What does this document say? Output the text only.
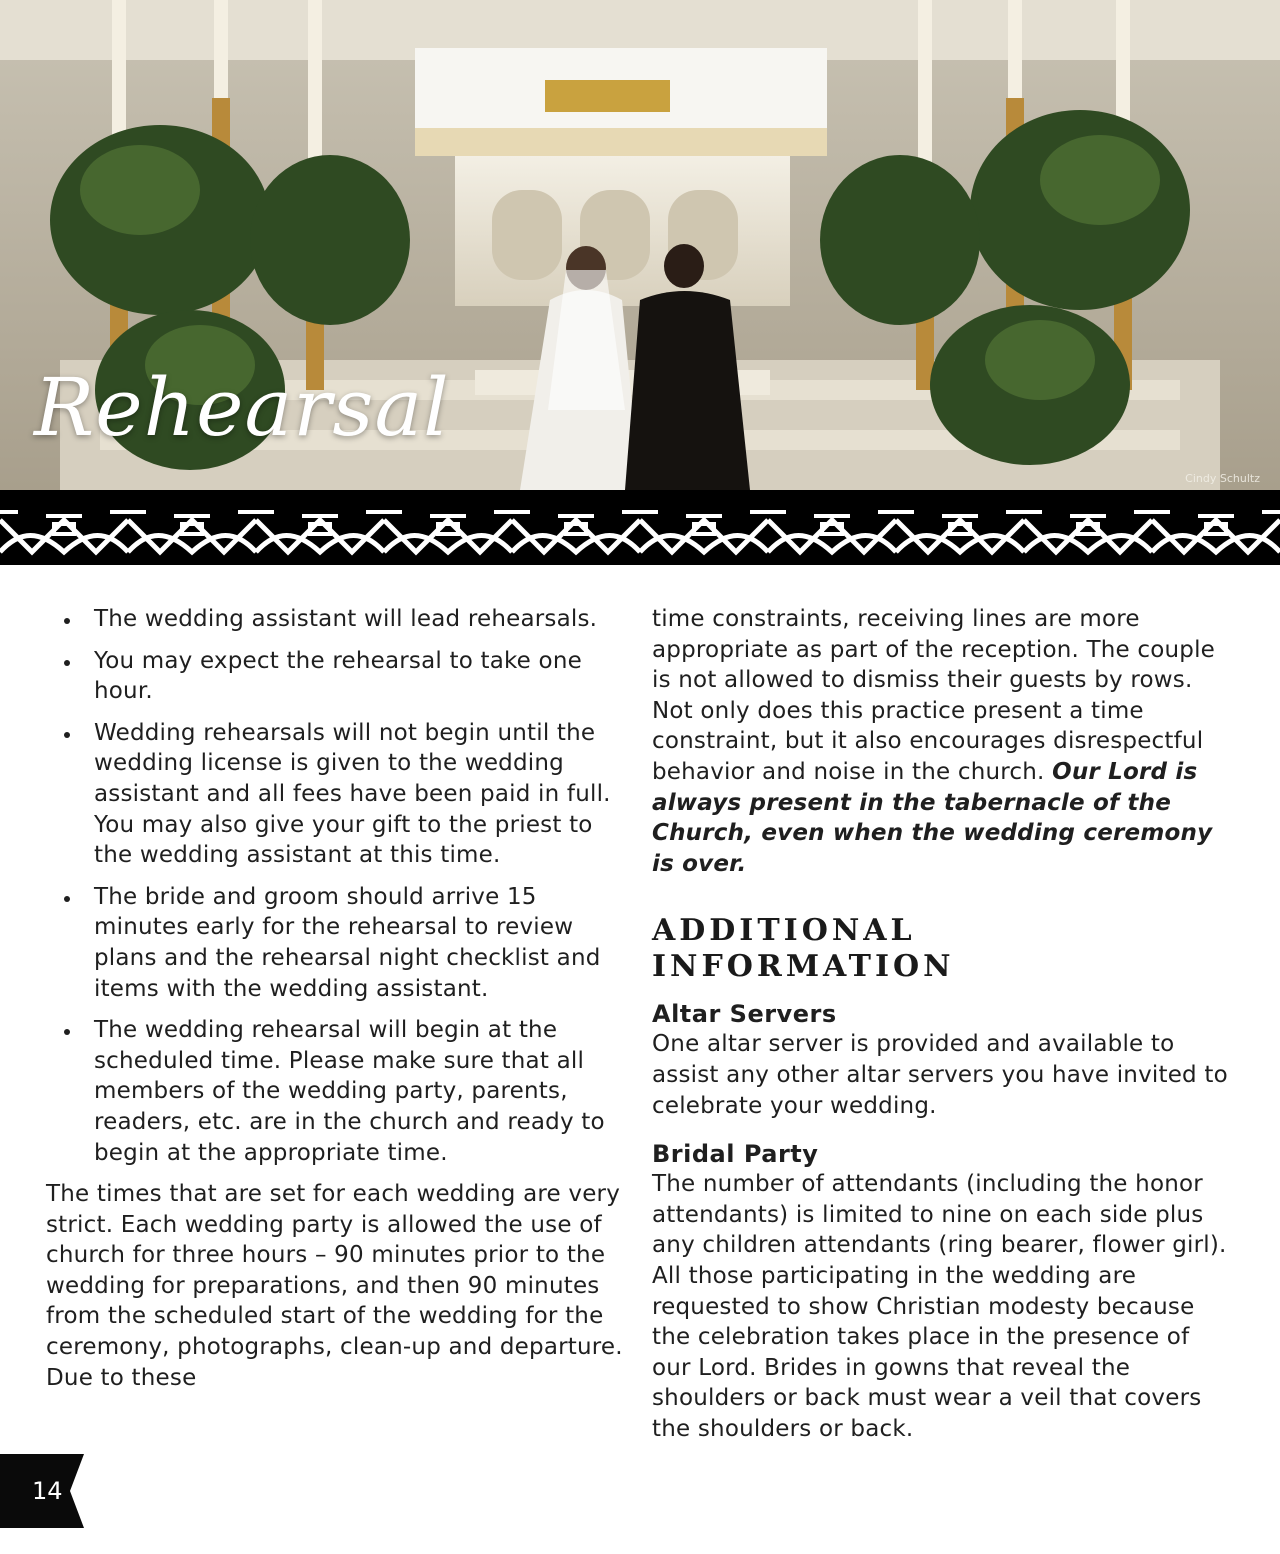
Rehearsal
Cindy Schultz
The wedding assistant will lead rehearsals.
You may expect the rehearsal to take one hour.
Wedding rehearsals will not begin until the wedding license is given to the wedding assistant and all fees have been paid in full. You may also give your gift to the priest to the wedding assistant at this time.
The bride and groom should arrive 15 minutes early for the rehearsal to review plans and the rehearsal night checklist and items with the wedding assistant.
The wedding rehearsal will begin at the scheduled time. Please make sure that all members of the wedding party, parents, readers, etc. are in the church and ready to begin at the appropriate time.

The times that are set for each wedding are very strict. Each wedding party is allowed the use of church for three hours – 90 minutes prior to the wedding for preparations, and then 90 minutes from the scheduled start of the wedding for the ceremony, photographs, clean-up and departure. Due to these

time constraints, receiving lines are more appropriate as part of the reception. The couple is not allowed to dismiss their guests by rows. Not only does this practice present a time constraint, but it also encourages disrespectful behavior and noise in the church. Our Lord is always present in the tabernacle of the Church, even when the wedding ceremony is over.

ADDITIONAL INFORMATION
Altar Servers

One altar server is provided and available to assist any other altar servers you have invited to celebrate your wedding.

Bridal Party

The number of attendants (including the honor attendants) is limited to nine on each side plus any children attendants (ring bearer, flower girl). All those participating in the wedding are requested to show Christian modesty because the celebration takes place in the presence of our Lord. Brides in gowns that reveal the shoulders or back must wear a veil that covers the shoulders or back.

14
